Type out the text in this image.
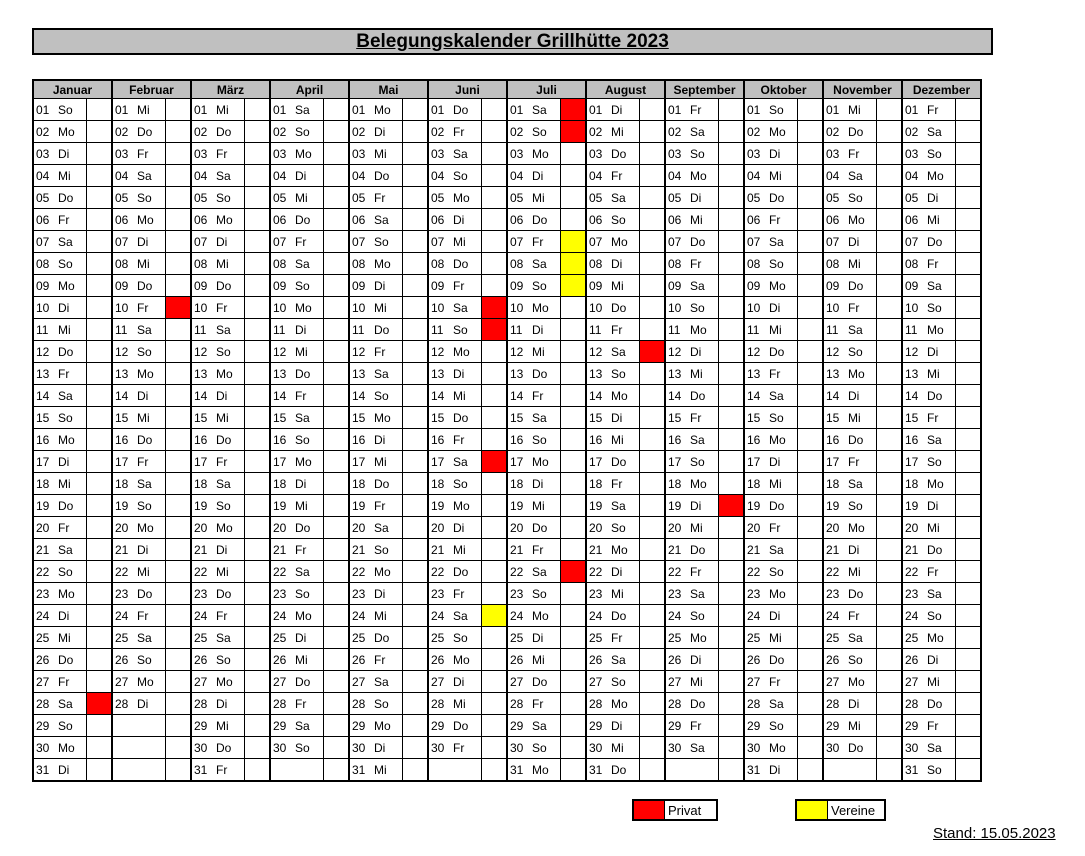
Belegungskalender Grillhütte 2023
Januar			Februar			März			April			Mai			Juni			Juli			August			September			Oktober			November			Dezember		
01	So		01	Mi		01	Mi		01	Sa		01	Mo		01	Do		01	Sa		01	Di		01	Fr		01	So		01	Mi		01	Fr	
02	Mo		02	Do		02	Do		02	So		02	Di		02	Fr		02	So		02	Mi		02	Sa		02	Mo		02	Do		02	Sa	
03	Di		03	Fr		03	Fr		03	Mo		03	Mi		03	Sa		03	Mo		03	Do		03	So		03	Di		03	Fr		03	So	
04	Mi		04	Sa		04	Sa		04	Di		04	Do		04	So		04	Di		04	Fr		04	Mo		04	Mi		04	Sa		04	Mo	
05	Do		05	So		05	So		05	Mi		05	Fr		05	Mo		05	Mi		05	Sa		05	Di		05	Do		05	So		05	Di	
06	Fr		06	Mo		06	Mo		06	Do		06	Sa		06	Di		06	Do		06	So		06	Mi		06	Fr		06	Mo		06	Mi	
07	Sa		07	Di		07	Di		07	Fr		07	So		07	Mi		07	Fr		07	Mo		07	Do		07	Sa		07	Di		07	Do	
08	So		08	Mi		08	Mi		08	Sa		08	Mo		08	Do		08	Sa		08	Di		08	Fr		08	So		08	Mi		08	Fr	
09	Mo		09	Do		09	Do		09	So		09	Di		09	Fr		09	So		09	Mi		09	Sa		09	Mo		09	Do		09	Sa	
10	Di		10	Fr		10	Fr		10	Mo		10	Mi		10	Sa		10	Mo		10	Do		10	So		10	Di		10	Fr		10	So	
11	Mi		11	Sa		11	Sa		11	Di		11	Do		11	So		11	Di		11	Fr		11	Mo		11	Mi		11	Sa		11	Mo	
12	Do		12	So		12	So		12	Mi		12	Fr		12	Mo		12	Mi		12	Sa		12	Di		12	Do		12	So		12	Di	
13	Fr		13	Mo		13	Mo		13	Do		13	Sa		13	Di		13	Do		13	So		13	Mi		13	Fr		13	Mo		13	Mi	
14	Sa		14	Di		14	Di		14	Fr		14	So		14	Mi		14	Fr		14	Mo		14	Do		14	Sa		14	Di		14	Do	
15	So		15	Mi		15	Mi		15	Sa		15	Mo		15	Do		15	Sa		15	Di		15	Fr		15	So		15	Mi		15	Fr	
16	Mo		16	Do		16	Do		16	So		16	Di		16	Fr		16	So		16	Mi		16	Sa		16	Mo		16	Do		16	Sa	
17	Di		17	Fr		17	Fr		17	Mo		17	Mi		17	Sa		17	Mo		17	Do		17	So		17	Di		17	Fr		17	So	
18	Mi		18	Sa		18	Sa		18	Di		18	Do		18	So		18	Di		18	Fr		18	Mo		18	Mi		18	Sa		18	Mo	
19	Do		19	So		19	So		19	Mi		19	Fr		19	Mo		19	Mi		19	Sa		19	Di		19	Do		19	So		19	Di	
20	Fr		20	Mo		20	Mo		20	Do		20	Sa		20	Di		20	Do		20	So		20	Mi		20	Fr		20	Mo		20	Mi	
21	Sa		21	Di		21	Di		21	Fr		21	So		21	Mi		21	Fr		21	Mo		21	Do		21	Sa		21	Di		21	Do	
22	So		22	Mi		22	Mi		22	Sa		22	Mo		22	Do		22	Sa		22	Di		22	Fr		22	So		22	Mi		22	Fr	
23	Mo		23	Do		23	Do		23	So		23	Di		23	Fr		23	So		23	Mi		23	Sa		23	Mo		23	Do		23	Sa	
24	Di		24	Fr		24	Fr		24	Mo		24	Mi		24	Sa		24	Mo		24	Do		24	So		24	Di		24	Fr		24	So	
25	Mi		25	Sa		25	Sa		25	Di		25	Do		25	So		25	Di		25	Fr		25	Mo		25	Mi		25	Sa		25	Mo	
26	Do		26	So		26	So		26	Mi		26	Fr		26	Mo		26	Mi		26	Sa		26	Di		26	Do		26	So		26	Di	
27	Fr		27	Mo		27	Mo		27	Do		27	Sa		27	Di		27	Do		27	So		27	Mi		27	Fr		27	Mo		27	Mi	
28	Sa		28	Di		28	Di		28	Fr		28	So		28	Mi		28	Fr		28	Mo		28	Do		28	Sa		28	Di		28	Do	
29	So					29	Mi		29	Sa		29	Mo		29	Do		29	Sa		29	Di		29	Fr		29	So		29	Mi		29	Fr	
30	Mo					30	Do		30	So		30	Di		30	Fr		30	So		30	Mi		30	Sa		30	Mo		30	Do		30	Sa	
31	Di					31	Fr					31	Mi					31	Mo		31	Do					31	Di					31	So	
Privat	Vereine
Stand: 15.05.2023
